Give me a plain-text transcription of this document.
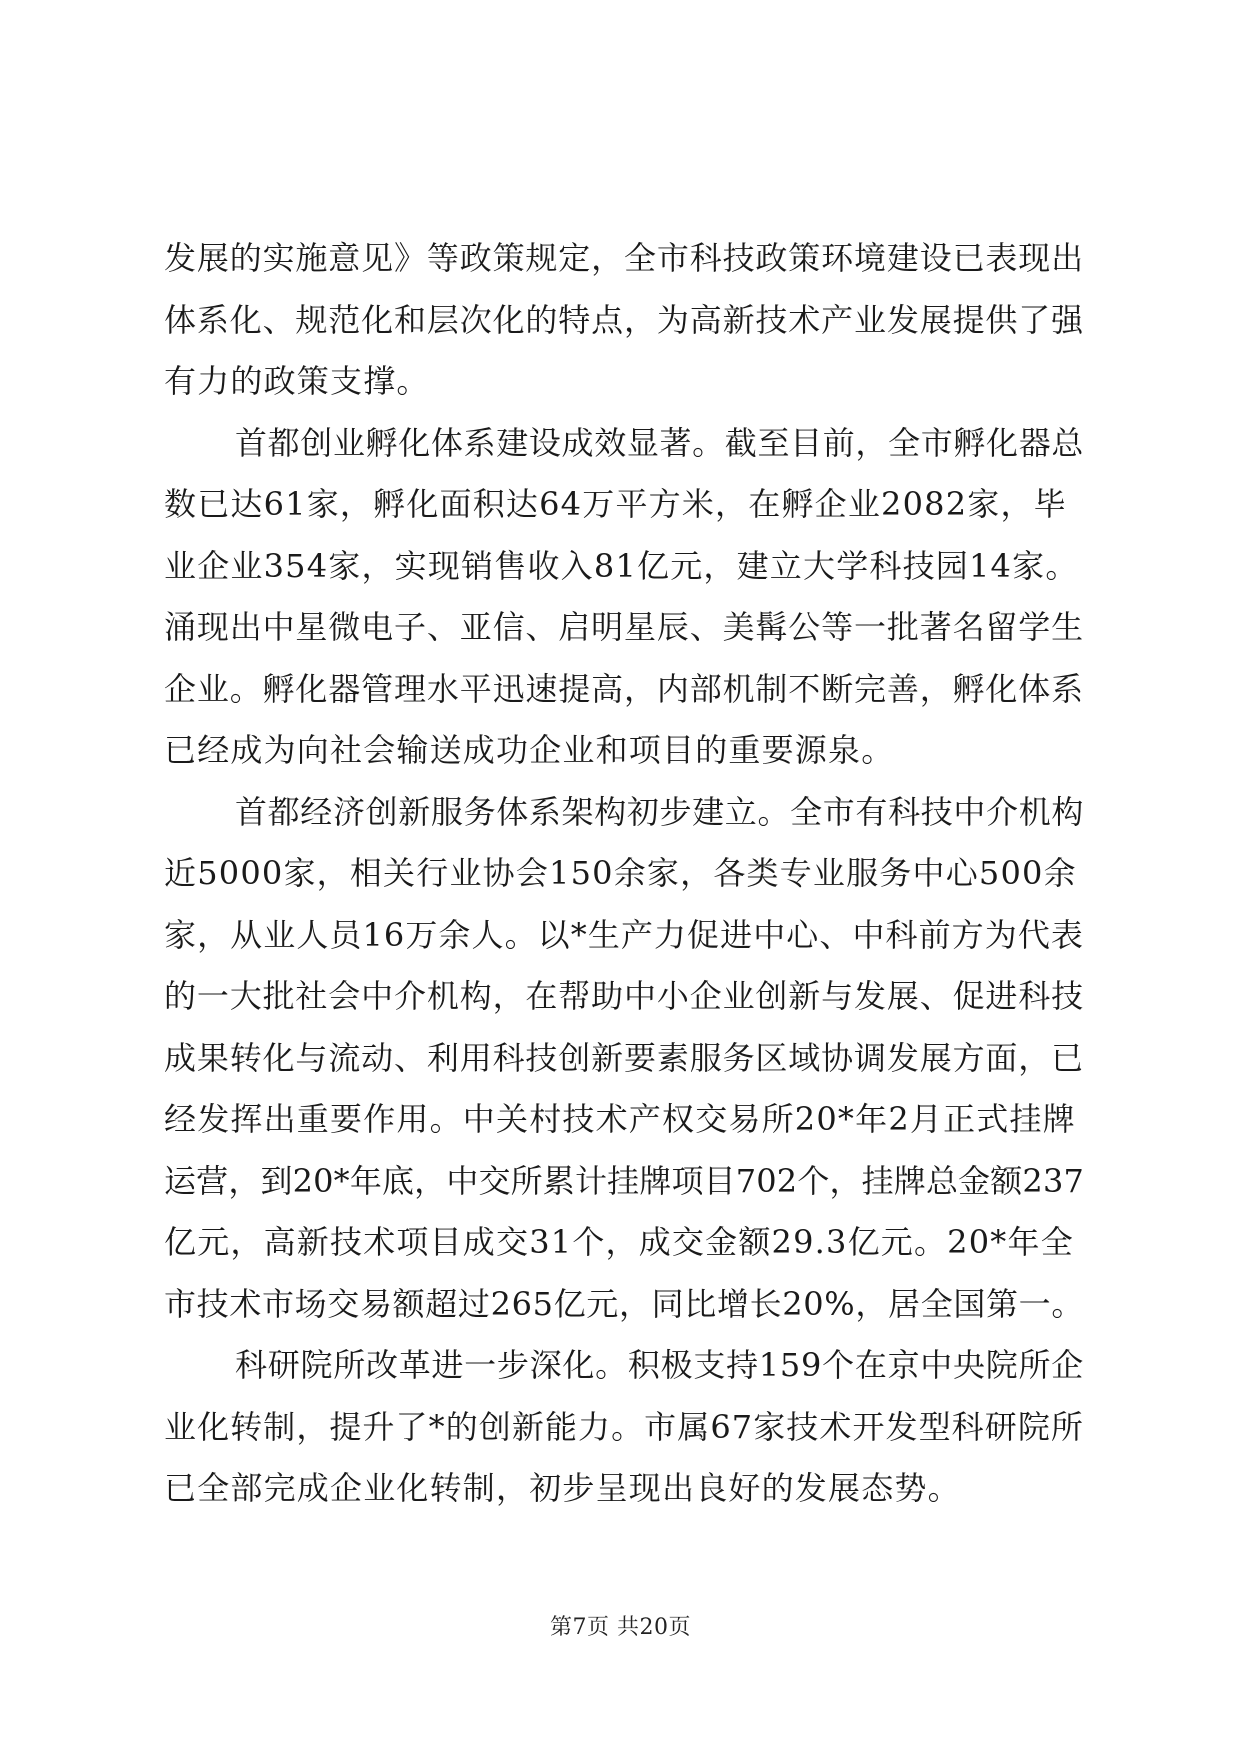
发展的实施意见》等政策规定，全市科技政策环境建设已表现出
体系化、规范化和层次化的特点，为高新技术产业发展提供了强
有力的政策支撑。
首都创业孵化体系建设成效显著。截至目前，全市孵化器总
数已达61家，孵化面积达64万平方米，在孵企业2082家，毕
业企业354家，实现销售收入81亿元，建立大学科技园14家。
涌现出中星微电子、亚信、启明星辰、美髯公等一批著名留学生
企业。孵化器管理水平迅速提高，内部机制不断完善，孵化体系
已经成为向社会输送成功企业和项目的重要源泉。
首都经济创新服务体系架构初步建立。全市有科技中介机构
近5000家，相关行业协会150余家，各类专业服务中心500余
家，从业人员16万余人。以*生产力促进中心、中科前方为代表
的一大批社会中介机构，在帮助中小企业创新与发展、促进科技
成果转化与流动、利用科技创新要素服务区域协调发展方面，已
经发挥出重要作用。中关村技术产权交易所20*年2月正式挂牌
运营，到20*年底，中交所累计挂牌项目702个，挂牌总金额237
亿元，高新技术项目成交31个，成交金额29.3亿元。20*年全
市技术市场交易额超过265亿元，同比增长20%，居全国第一。
科研院所改革进一步深化。积极支持159个在京中央院所企
业化转制，提升了*的创新能力。市属67家技术开发型科研院所
已全部完成企业化转制，初步呈现出良好的发展态势。
第7页 共20页
